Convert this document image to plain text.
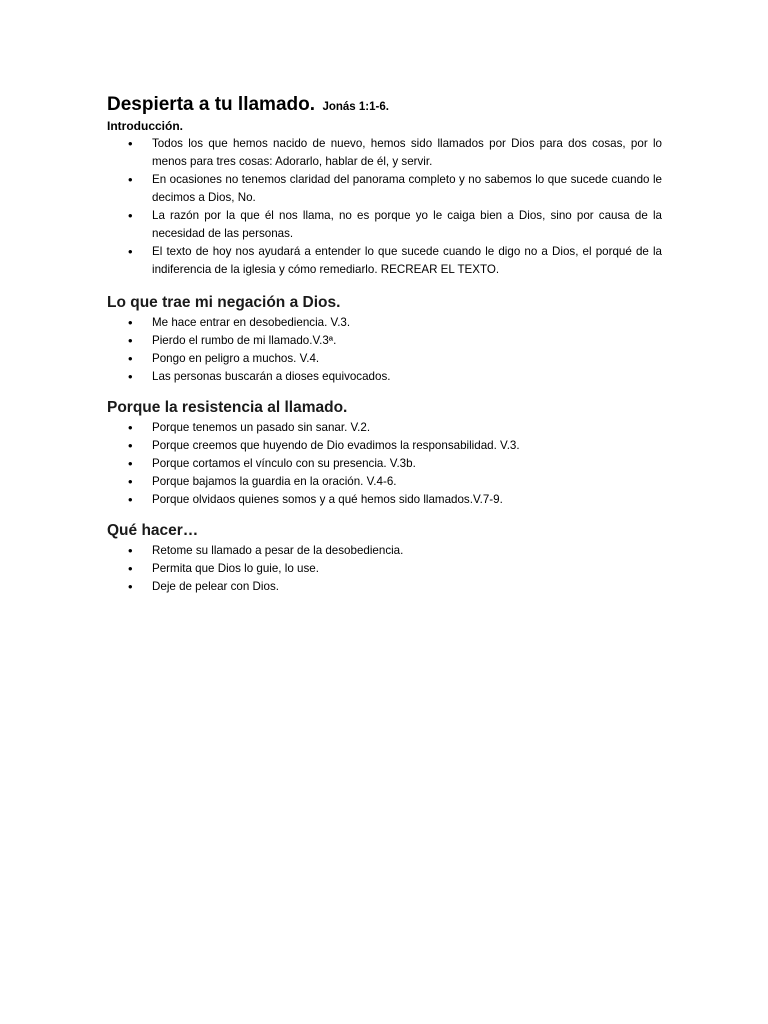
Despierta a tu llamado. Jonás 1:1-6.

Introducción.

• Todos los que hemos nacido de nuevo, hemos sido llamados por Dios para dos cosas, por lo menos para tres cosas: Adorarlo, hablar de él, y servir.
• En ocasiones no tenemos claridad del panorama completo y no sabemos lo que sucede cuando le decimos a Dios, No.
• La razón por la que él nos llama, no es porque yo le caiga bien a Dios, sino por causa de la necesidad de las personas.
• El texto de hoy nos ayudará a entender lo que sucede cuando le digo no a Dios, el porqué de la indiferencia de la iglesia y cómo remediarlo. RECREAR EL TEXTO.
Lo que trae mi negación a Dios.
• Me hace entrar en desobediencia. V.3.
• Pierdo el rumbo de mi llamado.V.3ª.
• Pongo en peligro a muchos. V.4.
• Las personas buscarán a dioses equivocados.
Porque la resistencia al llamado.
• Porque tenemos un pasado sin sanar. V.2.
• Porque creemos que huyendo de Dio evadimos la responsabilidad. V.3.
• Porque cortamos el vínculo con su presencia. V.3b.
• Porque bajamos la guardia en la oración. V.4-6.
• Porque olvidaos quienes somos y a qué hemos sido llamados.V.7-9.
Qué hacer…
• Retome su llamado a pesar de la desobediencia.
• Permita que Dios lo guie, lo use.
• Deje de pelear con Dios.
